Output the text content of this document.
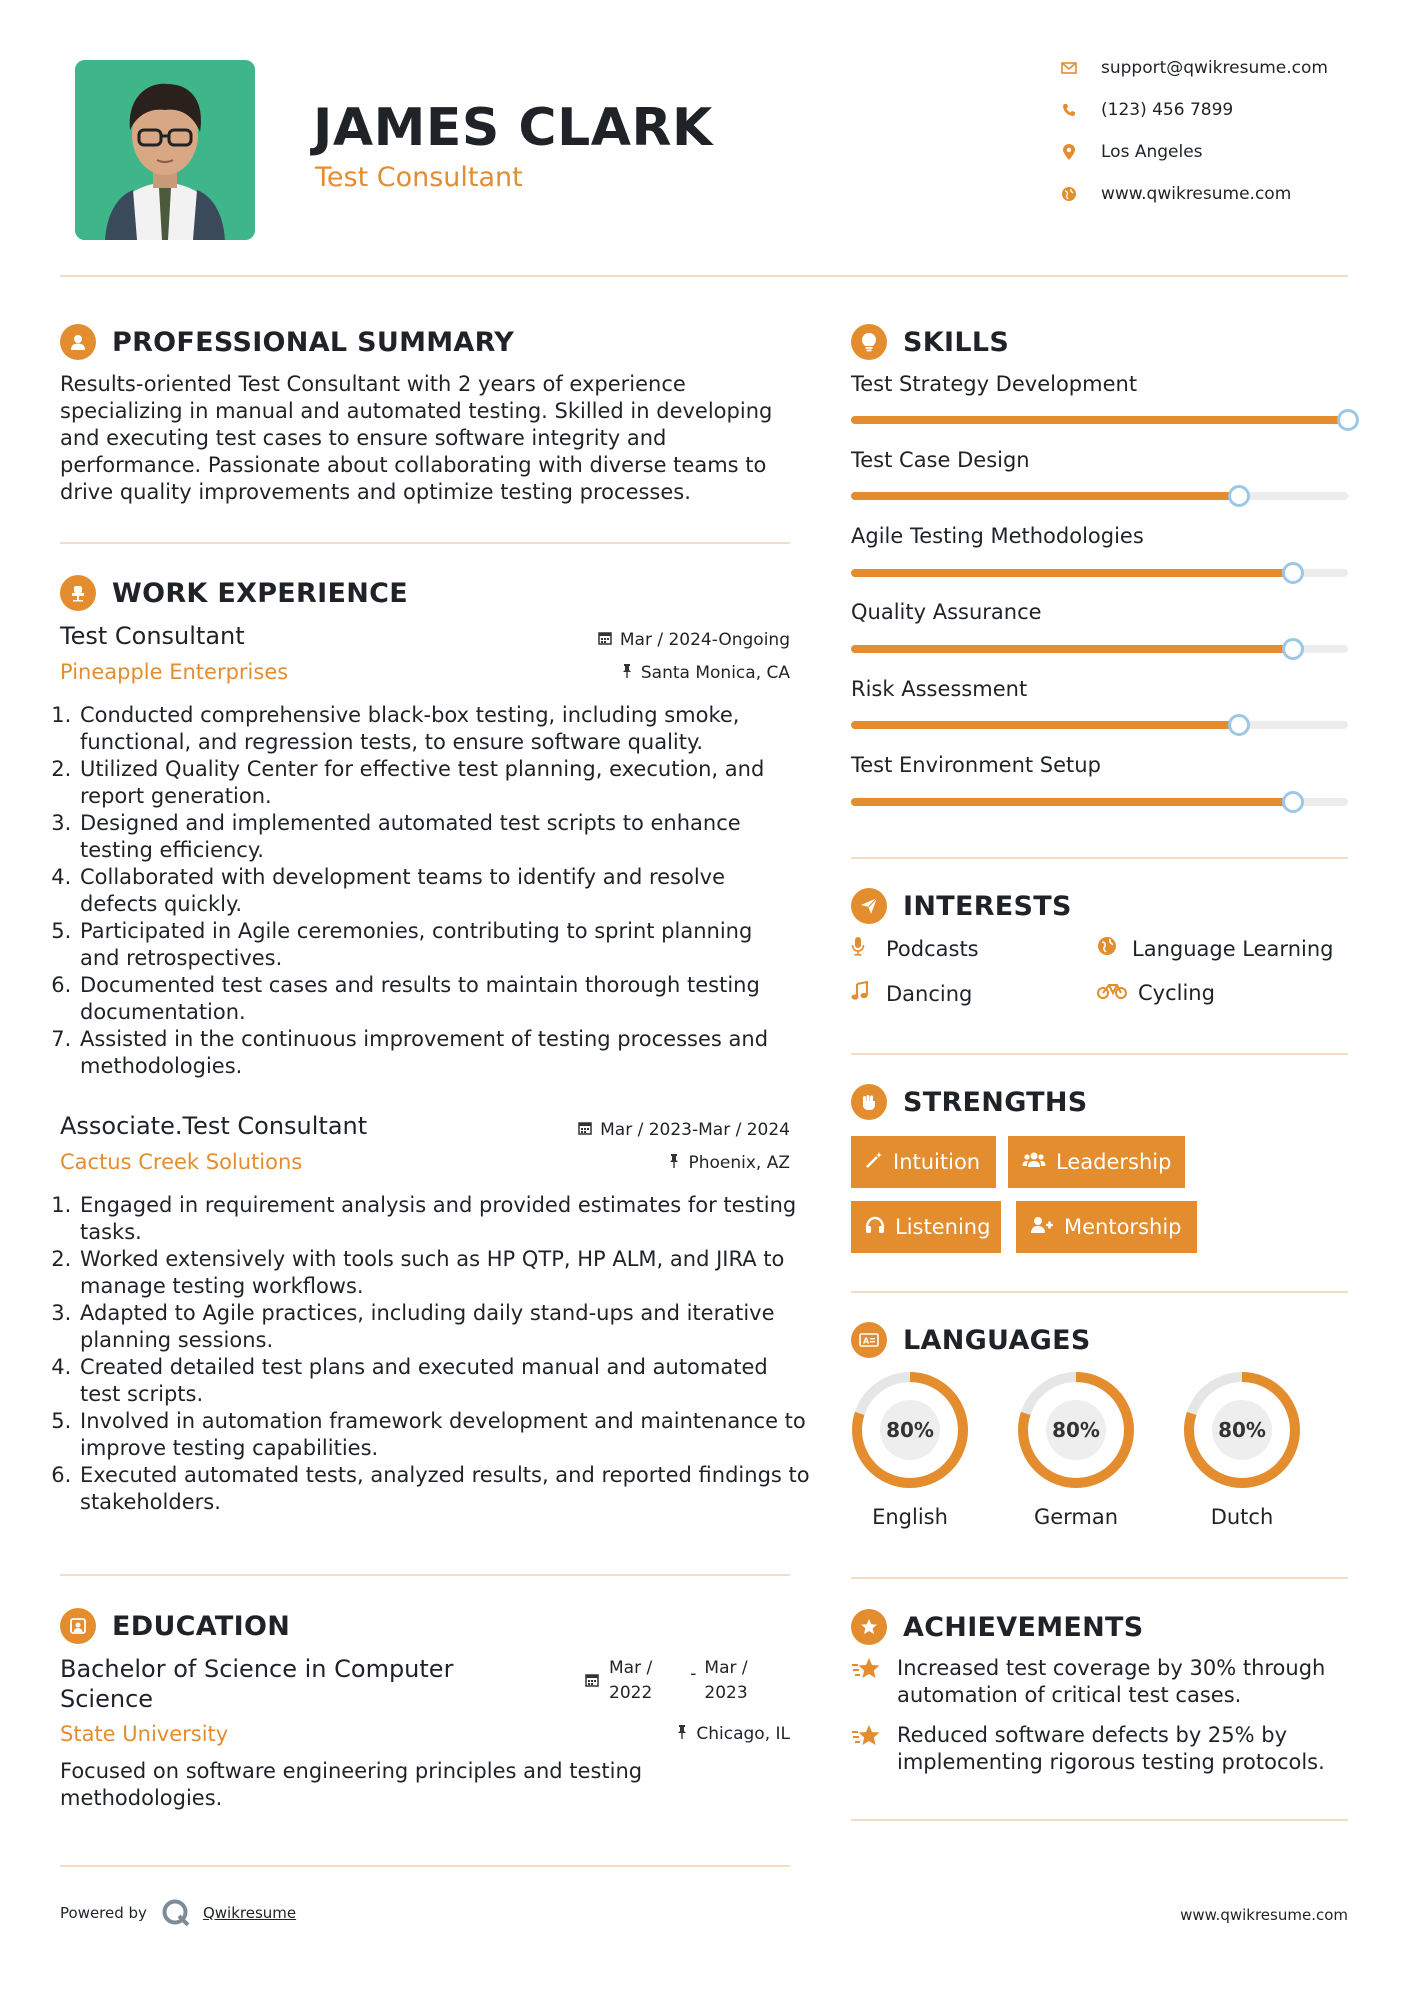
JAMES CLARK
Test Consultant
support@qwikresume.com
(123) 456 7899
Los Angeles
www.qwikresume.com
PROFESSIONAL SUMMARY
Results-oriented Test Consultant with 2 years of experience specializing in manual and automated testing. Skilled in developing and executing test cases to ensure software integrity and performance. Passionate about collaborating with diverse teams to drive quality improvements and optimize testing processes.
WORK EXPERIENCE
Test Consultant	Mar / 2024-Ongoing
Pineapple Enterprises	Santa Monica, CA
1. Conducted comprehensive black-box testing, including smoke, functional, and regression tests, to ensure software quality.
2. Utilized Quality Center for effective test planning, execution, and report generation.
3. Designed and implemented automated test scripts to enhance testing efficiency.
4. Collaborated with development teams to identify and resolve defects quickly.
5. Participated in Agile ceremonies, contributing to sprint planning and retrospectives.
6. Documented test cases and results to maintain thorough testing documentation.
7. Assisted in the continuous improvement of testing processes and methodologies.
Associate.Test Consultant	Mar / 2023-Mar / 2024
Cactus Creek Solutions	Phoenix, AZ
1. Engaged in requirement analysis and provided estimates for testing tasks.
2. Worked extensively with tools such as HP QTP, HP ALM, and JIRA to manage testing workflows.
3. Adapted to Agile practices, including daily stand-ups and iterative planning sessions.
4. Created detailed test plans and executed manual and automated test scripts.
5. Involved in automation framework development and maintenance to improve testing capabilities.
6. Executed automated tests, analyzed results, and reported findings to stakeholders.
EDUCATION
Bachelor of Science in Computer Science
Mar /
2022
- Mar /
2023
State University	Chicago, IL
Focused on software engineering principles and testing methodologies.
SKILLS
Test Strategy Development
Test Case Design
Agile Testing Methodologies
Quality Assurance
Risk Assessment
Test Environment Setup
INTERESTS
Podcasts	Language Learning
Dancing	Cycling
STRENGTHS
Intuition	Leadership
Listening	Mentorship
A LANGUAGES
80%
English
80%
German
80%
Dutch
ACHIEVEMENTS
Increased test coverage by 30% through automation of critical test cases.
Reduced software defects by 25% by implementing rigorous testing protocols.
Powered by	Qwikresume	www.qwikresume.com
